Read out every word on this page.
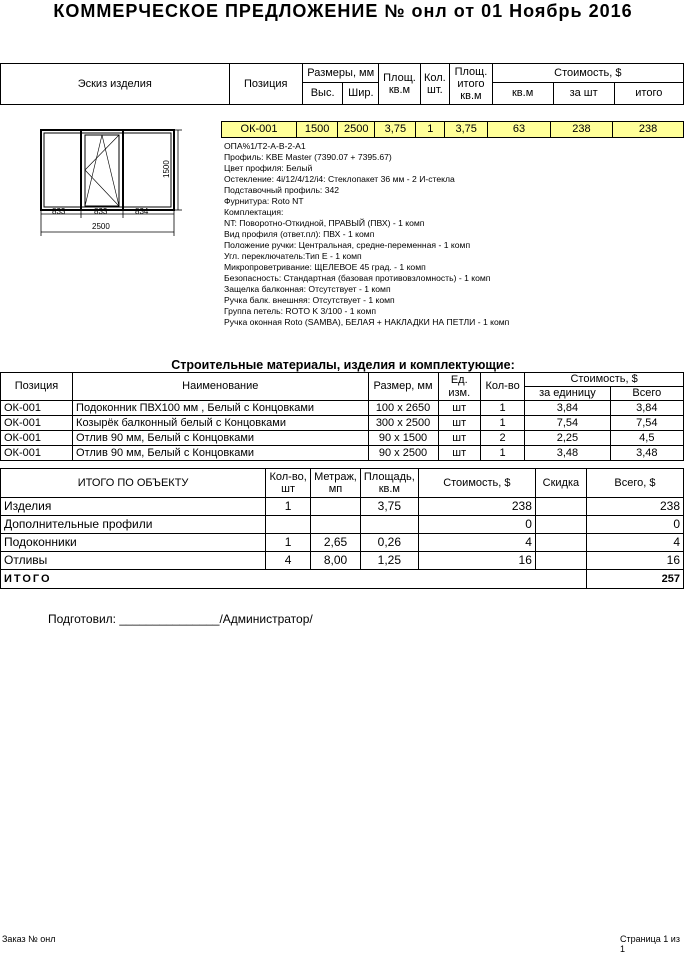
КОММЕРЧЕСКОЕ ПРЕДЛОЖЕНИЕ № онл от 01 Ноябрь 2016
Эскиз изделия	Позиция	Размеры, мм		Площ. кв.м	Кол. шт.	Площ. итого кв.м	Стоимость, $		
		Выс.	Шир.				кв.м	за шт	итого
ОК-001	1500	2500	3,75	1	3,75	63	238	238
1500
833	833	834
2500
ОПА%1/Т2-А-В-2-А1
Профиль: KBE Master (7390.07 + 7395.67)
Цвет профиля: Белый
Остекление: 4i/12/4/12/i4: Стеклопакет 36 мм - 2 И-стекла
Подставочный профиль: 342
Фурнитура: Roto NT
Комплектация:
NT: Поворотно-Откидной, ПРАВЫЙ (ПВХ) - 1 комп
Вид профиля (ответ.пл): ПВХ - 1 комп
Положение ручки: Центральная, средне-переменная - 1 комп
Угл. переключатель:Тип Е - 1 комп
Микропроветривание: ЩЕЛЕВОЕ 45 град. - 1 комп
Безопасность: Стандартная (базовая противовзломность) - 1 комп
Защелка балконная: Отсутствует - 1 комп
Ручка балк. внешняя: Отсутствует - 1 комп
Группа петель: ROTO K 3/100 - 1 комп
Ручка оконная Roto (SAMBA), БЕЛАЯ + НАКЛАДКИ НА ПЕТЛИ - 1 комп
Строительные материалы, изделия и комплектующие:
Позиция	Наименование	Размер, мм	Ед. изм.	Кол-во	Стоимость, $	
					за единицу	Всего
ОК-001	Подоконник ПВХ100 мм , Белый с Концовками	100 x 2650	шт	1	3,84	3,84
ОК-001	Козырёк балконный белый с Концовками	300 x 2500	шт	1	7,54	7,54
ОК-001	Отлив 90 мм, Белый с Концовками	90 x 1500	шт	2	2,25	4,5
ОК-001	Отлив 90 мм, Белый с Концовками	90 x 2500	шт	1	3,48	3,48
ИТОГО ПО ОБЪЕКТУ	Кол-во, шт	Метраж, мп	Площадь, кв.м	Стоимость, $	Скидка	Всего, $
Изделия	1		3,75	238		238
Дополнительные профили				0		0
Подоконники	1	2,65	0,26	4		4
Отливы	4	8,00	1,25	16		16
ИТОГО						257
Подготовил: _______________/Администратор/
Заказ № онл	Страница 1 из 1
